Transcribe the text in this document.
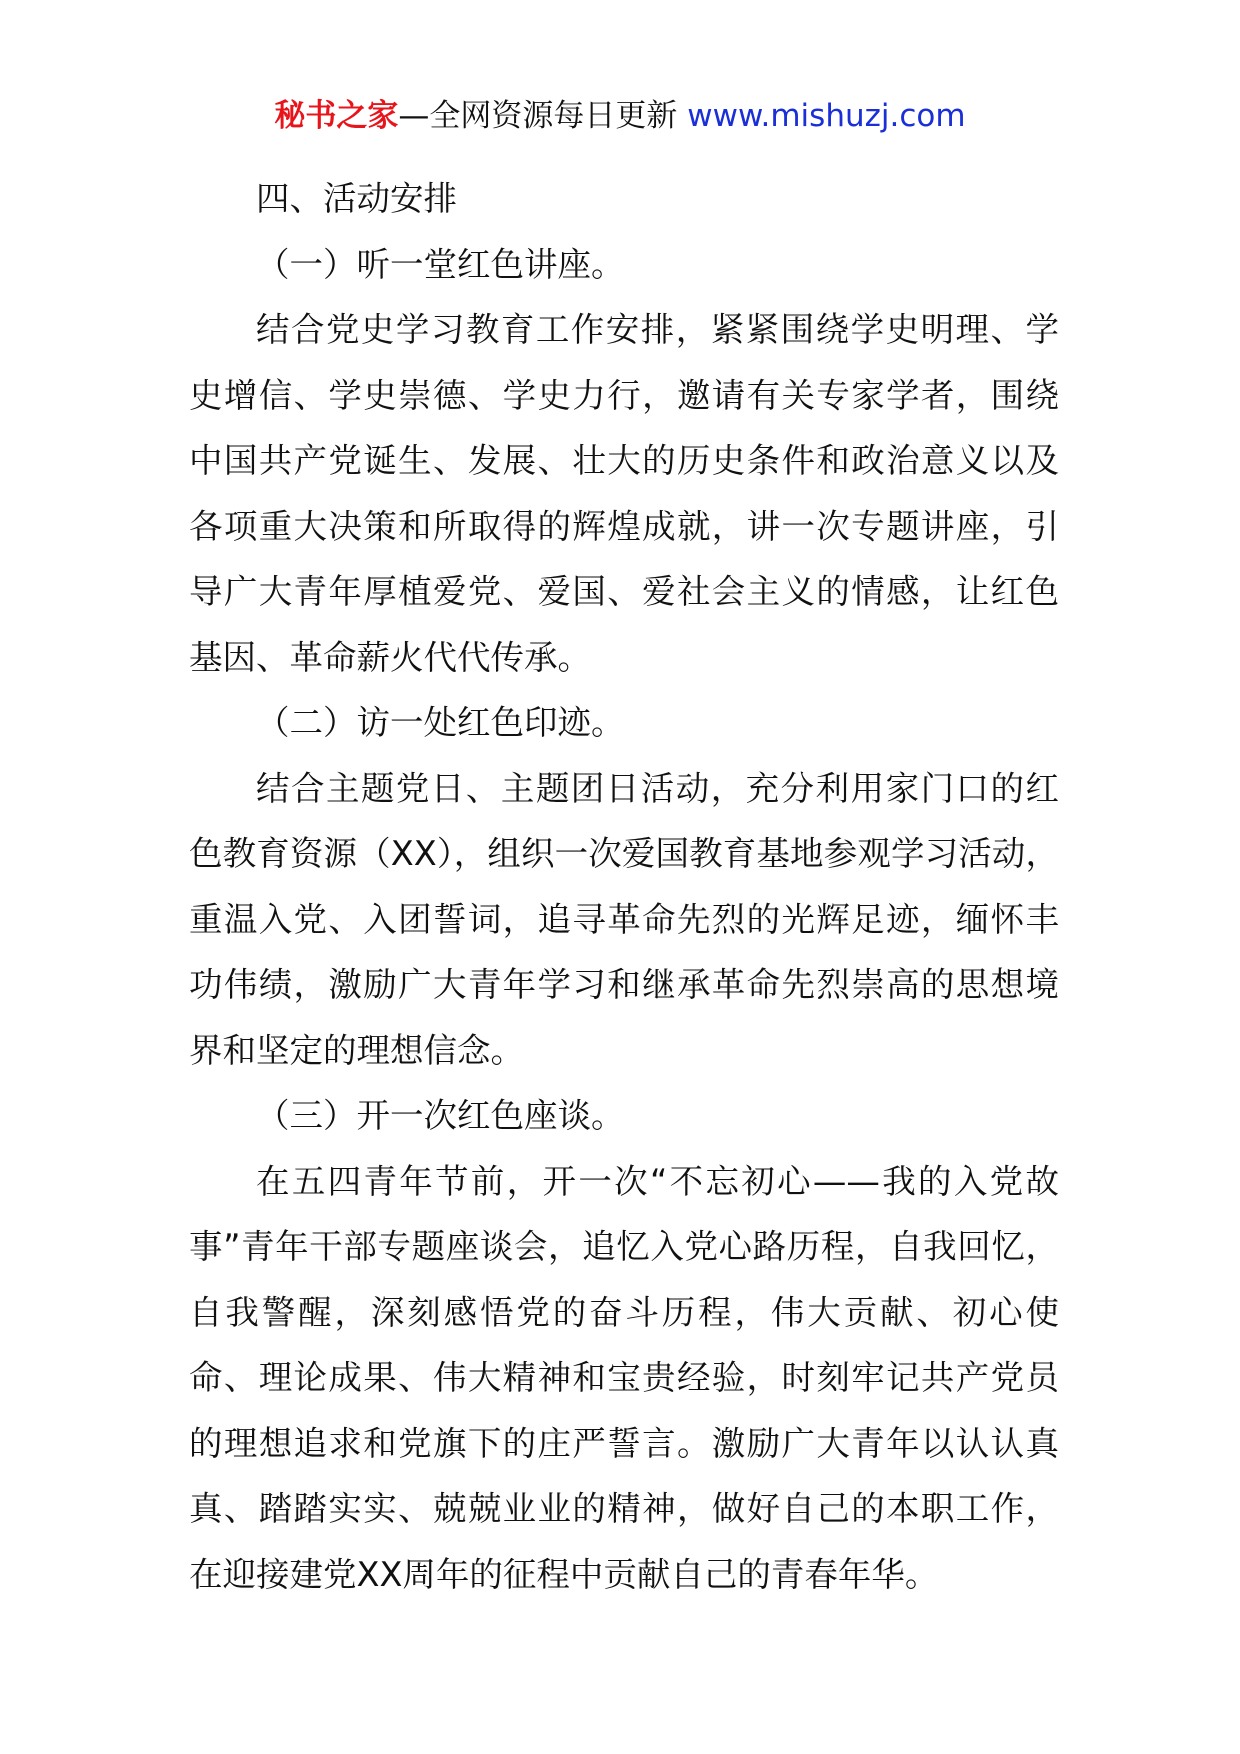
秘书之家—全网资源每日更新 www.mishuzj.com

四、活动安排

（一）听一堂红色讲座。

结合党史学习教育工作安排，紧紧围绕学史明理、学史增信、学史崇德、学史力行，邀请有关专家学者，围绕中国共产党诞生、发展、壮大的历史条件和政治意义以及各项重大决策和所取得的辉煌成就，讲一次专题讲座，引导广大青年厚植爱党、爱国、爱社会主义的情感，让红色基因、革命薪火代代传承。

（二）访一处红色印迹。

结合主题党日、主题团日活动，充分利用家门口的红色教育资源（XX），组织一次爱国教育基地参观学习活动，重温入党、入团誓词，追寻革命先烈的光辉足迹，缅怀丰功伟绩，激励广大青年学习和继承革命先烈崇高的思想境界和坚定的理想信念。

（三）开一次红色座谈。

在五四青年节前，开一次“不忘初心——我的入党故事”青年干部专题座谈会，追忆入党心路历程，自我回忆，自我警醒，深刻感悟党的奋斗历程，伟大贡献、初心使命、理论成果、伟大精神和宝贵经验，时刻牢记共产党员的理想追求和党旗下的庄严誓言。激励广大青年以认认真真、踏踏实实、兢兢业业的精神，做好自己的本职工作，在迎接建党XX周年的征程中贡献自己的青春年华。
